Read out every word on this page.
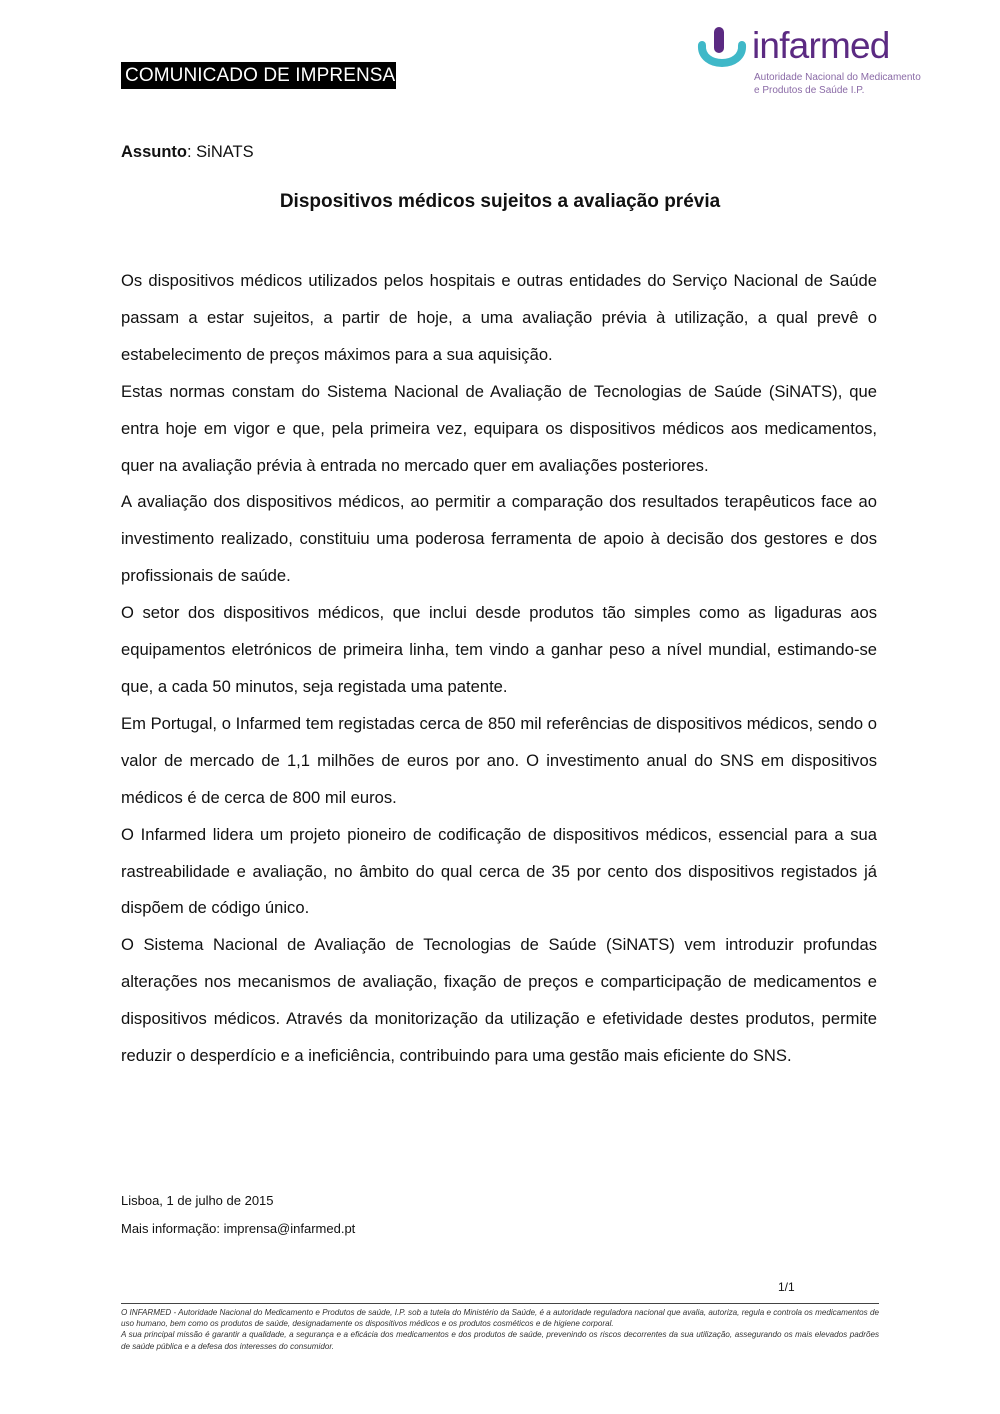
COMUNICADO DE IMPRENSA
infarmed
Autoridade Nacional do Medicamento
e Produtos de Saúde I.P.
Assunto: SiNATS
Dispositivos médicos sujeitos a avaliação prévia

Os dispositivos médicos utilizados pelos hospitais e outras entidades do Serviço Nacional de Saúde passam a estar sujeitos, a partir de hoje, a uma avaliação prévia à utilização, a qual prevê o estabelecimento de preços máximos para a sua aquisição.

Estas normas constam do Sistema Nacional de Avaliação de Tecnologias de Saúde (SiNATS), que entra hoje em vigor e que, pela primeira vez, equipara os dispositivos médicos aos medicamentos, quer na avaliação prévia à entrada no mercado quer em avaliações posteriores.

A avaliação dos dispositivos médicos, ao permitir a comparação dos resultados terapêuticos face ao investimento realizado, constituiu uma poderosa ferramenta de apoio à decisão dos gestores e dos profissionais de saúde.

O setor dos dispositivos médicos, que inclui desde produtos tão simples como as ligaduras aos equipamentos eletrónicos de primeira linha, tem vindo a ganhar peso a nível mundial, estimando-se que, a cada 50 minutos, seja registada uma patente.

Em Portugal, o Infarmed tem registadas cerca de 850 mil referências de dispositivos médicos, sendo o valor de mercado de 1,1 milhões de euros por ano. O investimento anual do SNS em dispositivos médicos é de cerca de 800 mil euros.

O Infarmed lidera um projeto pioneiro de codificação de dispositivos médicos, essencial para a sua rastreabilidade e avaliação, no âmbito do qual cerca de 35 por cento dos dispositivos registados já dispõem de código único.

O Sistema Nacional de Avaliação de Tecnologias de Saúde (SiNATS) vem introduzir profundas alterações nos mecanismos de avaliação, fixação de preços e comparticipação de medicamentos e dispositivos médicos. Através da monitorização da utilização e efetividade destes produtos, permite reduzir o desperdício e a ineficiência, contribuindo para uma gestão mais eficiente do SNS.

Lisboa, 1 de julho de 2015
Mais informação: imprensa@infarmed.pt
1/1

O INFARMED - Autoridade Nacional do Medicamento e Produtos de saúde, I.P. sob a tutela do Ministério da Saúde, é a autoridade reguladora nacional que avalia, autoriza, regula e controla os medicamentos de uso humano, bem como os produtos de saúde, designadamente os dispositivos médicos e os produtos cosméticos e de higiene corporal.

A sua principal missão é garantir a qualidade, a segurança e a eficácia dos medicamentos e dos produtos de saúde, prevenindo os riscos decorrentes da sua utilização, assegurando os mais elevados padrões de saúde pública e a defesa dos interesses do consumidor.
